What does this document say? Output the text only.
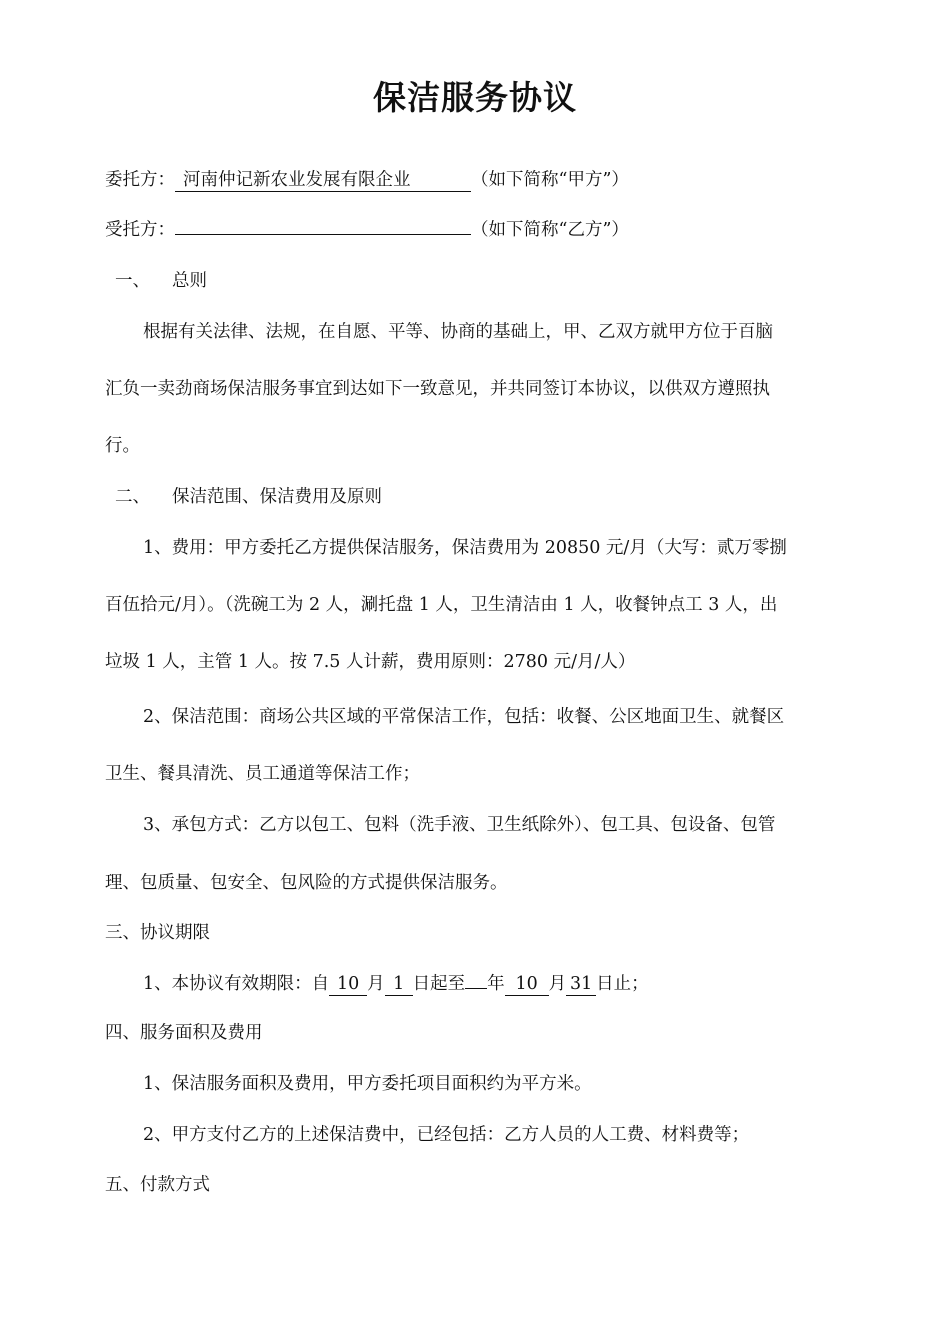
保洁服务协议
委托方： 河南仲记新农业发展有限企业	（如下简称“甲方”）
受托方：	（如下简称“乙方”）
一、 总则
根据有关法律、法规，在自愿、平等、协商的基础上，甲、乙双方就甲方位于百脑
汇负一卖劲商场保洁服务事宜到达如下一致意见，并共同签订本协议，以供双方遵照执
行。
二、 保洁范围、保洁费用及原则
1、费用：甲方委托乙方提供保洁服务，保洁费用为 20850 元/月（大写：贰万零捌
百伍拾元/月）。（洗碗工为 2 人，涮托盘 1 人，卫生清洁由 1 人，收餐钟点工 3 人，出
垃圾 1 人，主管 1 人。按 7.5 人计薪，费用原则：2780 元/月/人）
2、保洁范围：商场公共区域的平常保洁工作，包括：收餐、公区地面卫生、就餐区
卫生、餐具清洗、员工通道等保洁工作；
3、承包方式：乙方以包工、包料（洗手液、卫生纸除外）、包工具、包设备、包管
理、包质量、包安全、包风险的方式提供保洁服务。
三、协议期限
1、本协议有效期限：自 10 月 1 日起至 年 10 月 31 日止；
四、服务面积及费用
1、保洁服务面积及费用，甲方委托项目面积约为平方米。
2、甲方支付乙方的上述保洁费中，已经包括：乙方人员的人工费、材料费等；
五、付款方式
